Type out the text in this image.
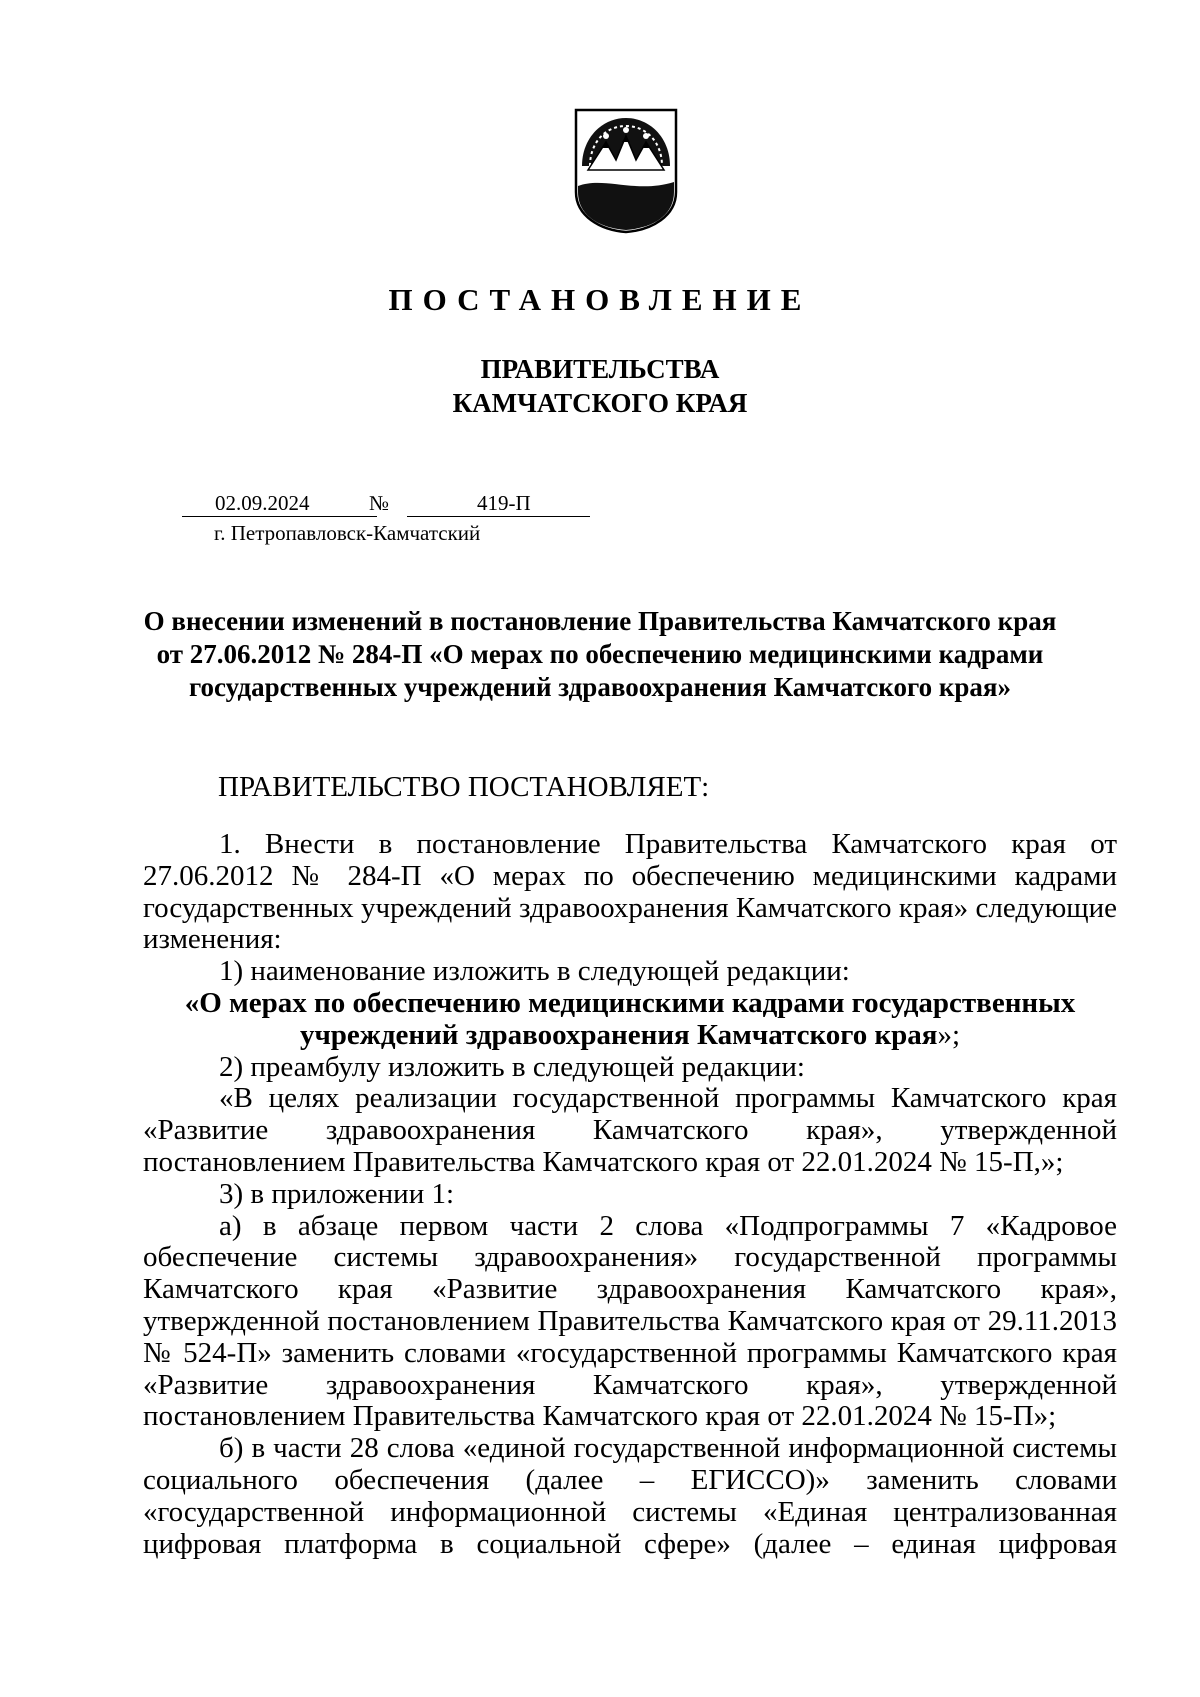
ПОСТАНОВЛЕНИЕ
ПРАВИТЕЛЬСТВА
КАМЧАТСКОГО КРАЯ
02.09.2024	№	419-П
г. Петропавловск-Камчатский
О внесении изменений в постановление Правительства Камчатского края
от 27.06.2012 № 284-П «О мерах по обеспечению медицинскими кадрами
государственных учреждений здравоохранения Камчатского края»
ПРАВИТЕЛЬСТВО ПОСТАНОВЛЯЕТ:

1. Внести в постановление Правительства Камчатского края от 27.06.2012 № 284-П «О мерах по обеспечению медицинскими кадрами государственных учреждений здравоохранения Камчатского края» следующие изменения:

1) наименование изложить в следующей редакции:

«О мерах по обеспечению медицинскими кадрами государственных
учреждений здравоохранения Камчатского края»;

2) преамбулу изложить в следующей редакции:

«В целях реализации государственной программы Камчатского края «Развитие здравоохранения Камчатского края», утвержденной постановлением Правительства Камчатского края от 22.01.2024 № 15-П,»;

3) в приложении 1:

а) в абзаце первом части 2 слова «Подпрограммы 7 «Кадровое обеспечение системы здравоохранения» государственной программы Камчатского края «Развитие здравоохранения Камчатского края», утвержденной постановлением Правительства Камчатского края от 29.11.2013 № 524-П» заменить словами «государственной программы Камчатского края «Развитие здравоохранения Камчатского края», утвержденной постановлением Правительства Камчатского края от 22.01.2024 № 15-П»;

б) в части 28 слова «единой государственной информационной системы социального обеспечения (далее – ЕГИССО)» заменить словами «государственной информационной системы «Единая централизованная цифровая платформа в социальной сфере» (далее – единая цифровая
